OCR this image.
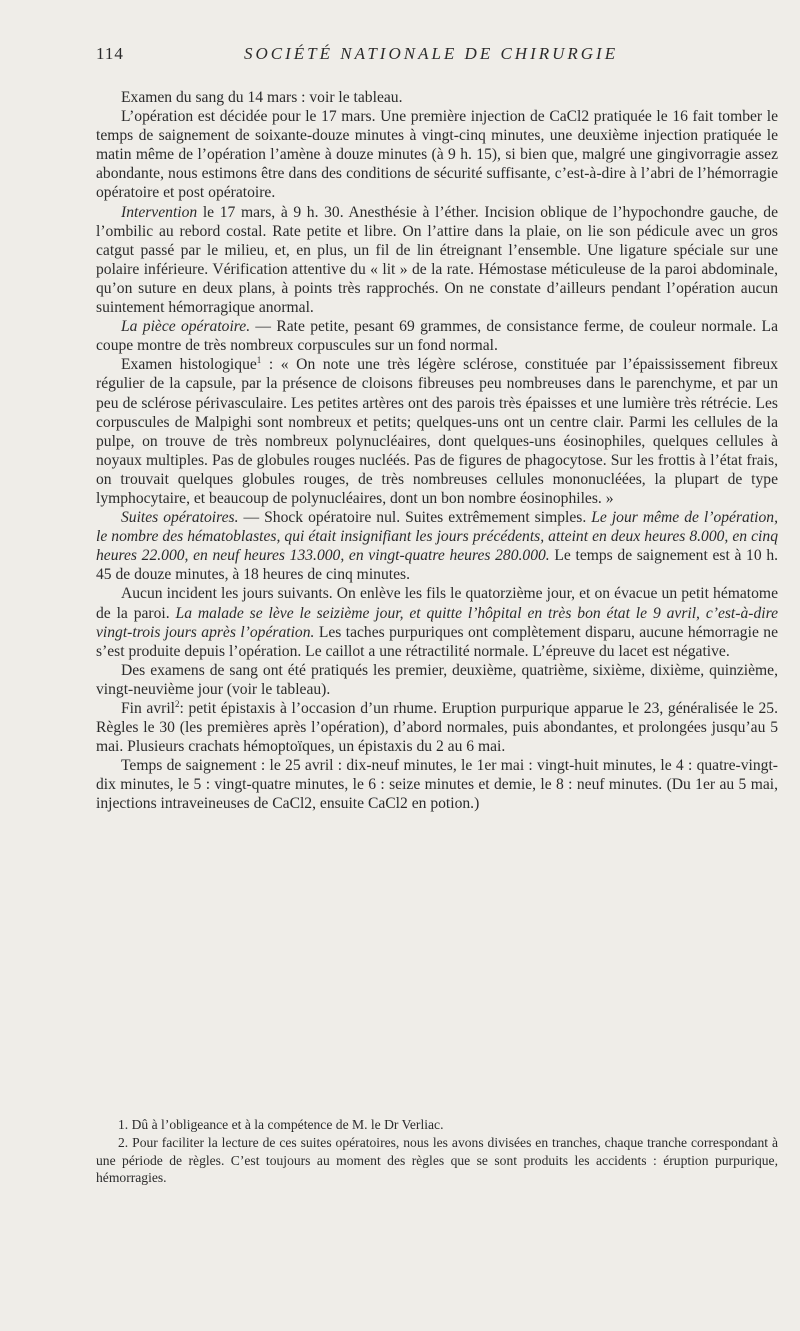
114	SOCIÉTÉ NATIONALE DE CHIRURGIE

Examen du sang du 14 mars : voir le tableau.

L’opération est décidée pour le 17 mars. Une première injection de CaCl2 pratiquée le 16 fait tomber le temps de saignement de soixante-douze minutes à vingt-cinq minutes, une deuxième injection pratiquée le matin même de l’opération l’amène à douze minutes (à 9 h. 15), si bien que, malgré une gingivorragie assez abondante, nous estimons être dans des conditions de sécurité suffisante, c’est-à-dire à l’abri de l’hémorragie opératoire et post opératoire.

Intervention le 17 mars, à 9 h. 30. Anesthésie à l’éther. Incision oblique de l’hypochondre gauche, de l’ombilic au rebord costal. Rate petite et libre. On l’attire dans la plaie, on lie son pédicule avec un gros catgut passé par le milieu, et, en plus, un fil de lin étreignant l’ensemble. Une ligature spéciale sur une polaire inférieure. Vérification attentive du « lit » de la rate. Hémostase méticuleuse de la paroi abdominale, qu’on suture en deux plans, à points très rapprochés. On ne constate d’ailleurs pendant l’opération aucun suintement hémorragique anormal.

La pièce opératoire. — Rate petite, pesant 69 grammes, de consistance ferme, de couleur normale. La coupe montre de très nombreux corpuscules sur un fond normal.

Examen histologique$^1$ : « On note une très légère sclérose, constituée par l’épaississement fibreux régulier de la capsule, par la présence de cloisons fibreuses peu nombreuses dans le parenchyme, et par un peu de sclérose périvasculaire. Les petites artères ont des parois très épaisses et une lumière très rétrécie. Les corpuscules de Malpighi sont nombreux et petits; quelques-uns ont un centre clair. Parmi les cellules de la pulpe, on trouve de très nombreux polynucléaires, dont quelques-uns éosinophiles, quelques cellules à noyaux multiples. Pas de globules rouges nucléés. Pas de figures de phagocytose. Sur les frottis à l’état frais, on trouvait quelques globules rouges, de très nombreuses cellules mononucléées, la plupart de type lymphocytaire, et beaucoup de polynucléaires, dont un bon nombre éosinophiles. »

Suites opératoires. — Shock opératoire nul. Suites extrêmement simples. Le jour même de l’opération, le nombre des hématoblastes, qui était insignifiant les jours précédents, atteint en deux heures 8.000, en cinq heures 22.000, en neuf heures 133.000, en vingt-quatre heures 280.000. Le temps de saignement est à 10 h. 45 de douze minutes, à 18 heures de cinq minutes.

Aucun incident les jours suivants. On enlève les fils le quatorzième jour, et on évacue un petit hématome de la paroi. La malade se lève le seizième jour, et quitte l’hôpital en très bon état le 9 avril, c’est-à-dire vingt-trois jours après l’opération. Les taches purpuriques ont complètement disparu, aucune hémorragie ne s’est produite depuis l’opération. Le caillot a une rétractilité normale. L’épreuve du lacet est négative.

Des examens de sang ont été pratiqués les premier, deuxième, quatrième, sixième, dixième, quinzième, vingt-neuvième jour (voir le tableau).

Fin avril$^2$: petit épistaxis à l’occasion d’un rhume. Eruption purpurique apparue le 23, généralisée le 25. Règles le 30 (les premières après l’opération), d’abord normales, puis abondantes, et prolongées jusqu’au 5 mai. Plusieurs crachats hémoptoïques, un épistaxis du 2 au 6 mai.

Temps de saignement : le 25 avril : dix-neuf minutes, le 1er mai : vingt-huit minutes, le 4 : quatre-vingt-dix minutes, le 5 : vingt-quatre minutes, le 6 : seize minutes et demie, le 8 : neuf minutes. (Du 1er au 5 mai, injections intraveineuses de CaCl2, ensuite CaCl2 en potion.)

1. Dû à l’obligeance et à la compétence de M. le Dr Verliac.

2. Pour faciliter la lecture de ces suites opératoires, nous les avons divisées en tranches, chaque tranche correspondant à une période de règles. C’est toujours au moment des règles que se sont produits les accidents : éruption purpurique, hémorragies.
